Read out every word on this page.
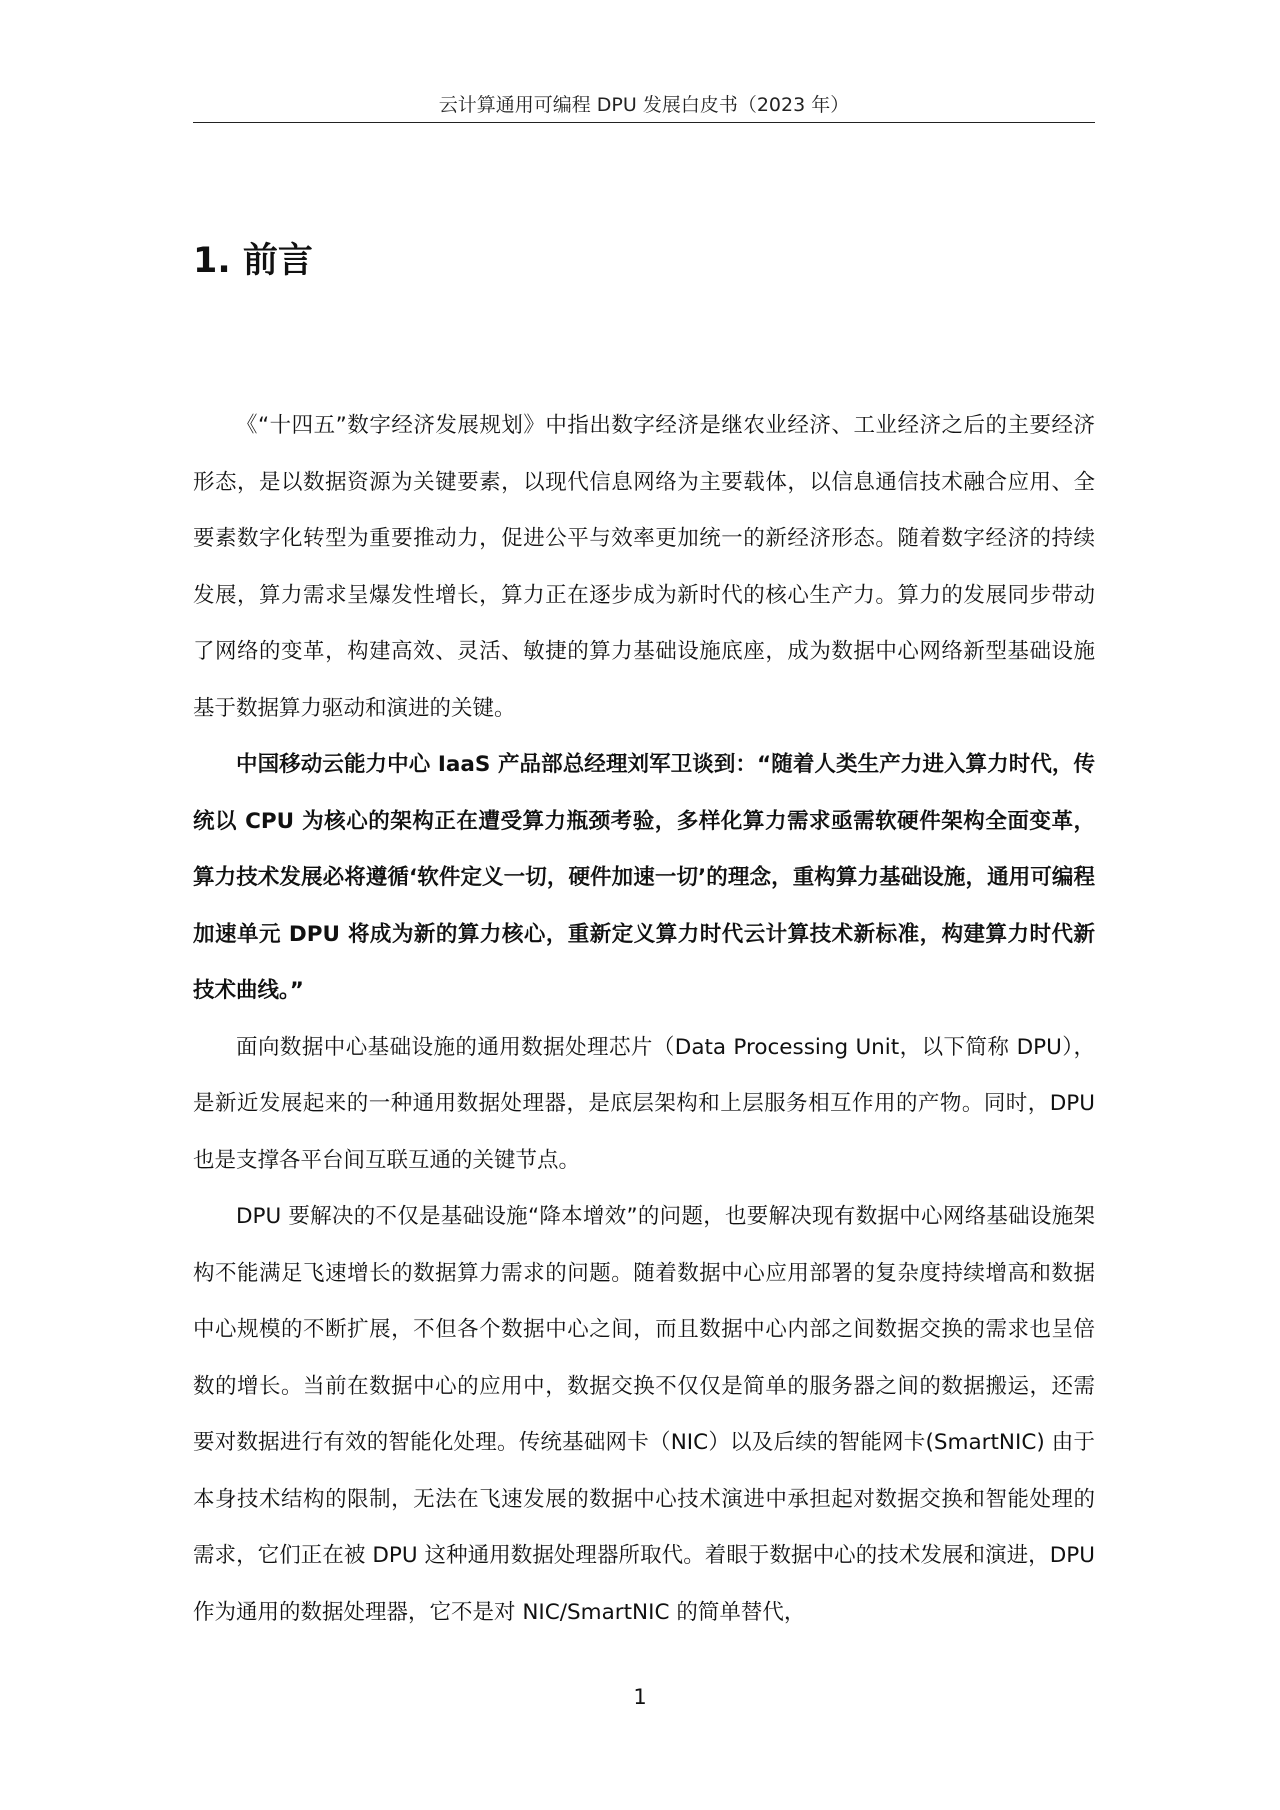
云计算通用可编程 DPU 发展白皮书（2023 年）
1. 前言

《“十四五”数字经济发展规划》中指出数字经济是继农业经济、工业经济之后的主要经济形态，是以数据资源为关键要素，以现代信息网络为主要载体，以信息通信技术融合应用、全要素数字化转型为重要推动力，促进公平与效率更加统一的新经济形态。随着数字经济的持续发展，算力需求呈爆发性增长，算力正在逐步成为新时代的核心生产力。算力的发展同步带动了网络的变革，构建高效、灵活、敏捷的算力基础设施底座，成为数据中心网络新型基础设施基于数据算力驱动和演进的关键。

中国移动云能力中心 IaaS 产品部总经理刘军卫谈到：“随着人类生产力进入算力时代，传统以 CPU 为核心的架构正在遭受算力瓶颈考验，多样化算力需求亟需软硬件架构全面变革，算力技术发展必将遵循‘软件定义一切，硬件加速一切’的理念，重构算力基础设施，通用可编程加速单元 DPU 将成为新的算力核心，重新定义算力时代云计算技术新标准，构建算力时代新技术曲线。”

面向数据中心基础设施的通用数据处理芯片（Data Processing Unit，以下简称 DPU），是新近发展起来的一种通用数据处理器，是底层架构和上层服务相互作用的产物。同时，DPU 也是支撑各平台间互联互通的关键节点。

DPU 要解决的不仅是基础设施“降本增效”的问题，也要解决现有数据中心网络基础设施架构不能满足飞速增长的数据算力需求的问题。随着数据中心应用部署的复杂度持续增高和数据中心规模的不断扩展，不但各个数据中心之间，而且数据中心内部之间数据交换的需求也呈倍数的增长。当前在数据中心的应用中，数据交换不仅仅是简单的服务器之间的数据搬运，还需要对数据进行有效的智能化处理。传统基础网卡（NIC）以及后续的智能网卡(SmartNIC) 由于本身技术结构的限制，无法在飞速发展的数据中心技术演进中承担起对数据交换和智能处理的需求，它们正在被 DPU 这种通用数据处理器所取代。着眼于数据中心的技术发展和演进，DPU 作为通用的数据处理器，它不是对 NIC/SmartNIC 的简单替代，

1
